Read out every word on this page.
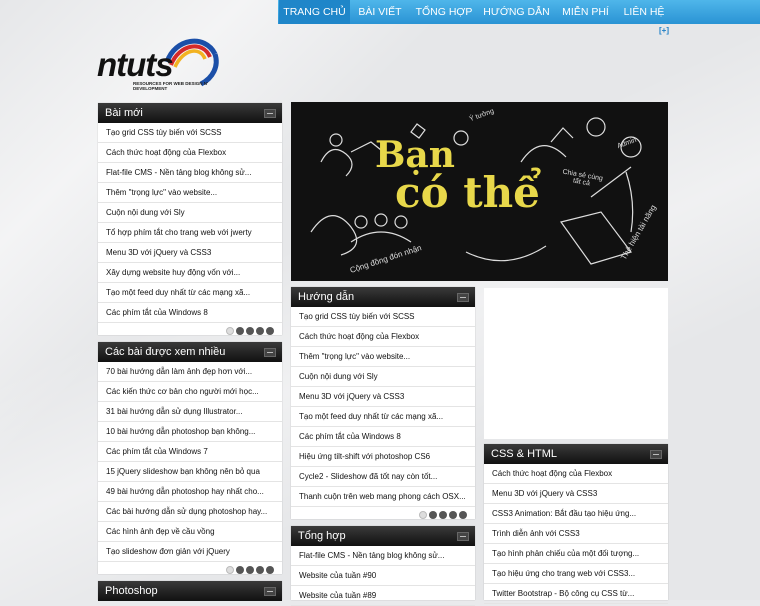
TRANG CHỦ	BÀI VIẾT	TỔNG HỢP	HƯỚNG DẪN	MIỄN PHÍ	LIÊN HỆ
[+]
ntuts
RESOURCES FOR WEB DESIGN N' DEVELOPMENT
Bài mới
Tạo grid CSS tùy biến với SCSS
Cách thức hoạt động của Flexbox
Flat-file CMS - Nền tảng blog không sử...
Thêm "trọng lực" vào website...
Cuộn nội dung với Sly
Tổ hợp phím tắt cho trang web với jwerty
Menu 3D với jQuery và CSS3
Xây dựng website huy động vốn với...
Tạo một feed duy nhất từ các mạng xã...
Các phím tắt của Windows 8
Các bài được xem nhiều
70 bài hướng dẫn làm ảnh đẹp hơn với...
Các kiến thức cơ bản cho người mới học...
31 bài hướng dẫn sử dụng Illustrator...
10 bài hướng dẫn photoshop bạn không...
Các phím tắt của Windows 7
15 jQuery slideshow bạn không nên bỏ qua
49 bài hướng dẫn photoshop hay nhất cho...
Các bài hướng dẫn sử dụng photoshop hay...
Các hình ảnh đẹp về cầu vồng
Tạo slideshow đơn giản với jQuery
Photoshop
Bạn
có thể
Ý tưởng
Admin
Chia sẻ cùng tất cả
Thể hiện tài năng
Cộng đồng đón nhận
Hướng dẫn
Tạo grid CSS tùy biến với SCSS
Cách thức hoạt động của Flexbox
Thêm "trọng lực" vào website...
Cuộn nội dung với Sly
Menu 3D với jQuery và CSS3
Tạo một feed duy nhất từ các mạng xã...
Các phím tắt của Windows 8
Hiệu ứng tilt-shift với photoshop CS6
Cycle2 - Slideshow đã tốt nay còn tốt...
Thanh cuộn trên web mang phong cách OSX...
Tổng hợp
Flat-file CMS - Nền tảng blog không sử...
Website của tuần #90
Website của tuần #89
CSS & HTML
Cách thức hoạt động của Flexbox
Menu 3D với jQuery và CSS3
CSS3 Animation: Bắt đầu tạo hiệu ứng...
Trình diễn ảnh với CSS3
Tạo hình phản chiếu của một đối tượng...
Tạo hiệu ứng cho trang web với CSS3...
Twitter Bootstrap - Bộ công cụ CSS từ...
